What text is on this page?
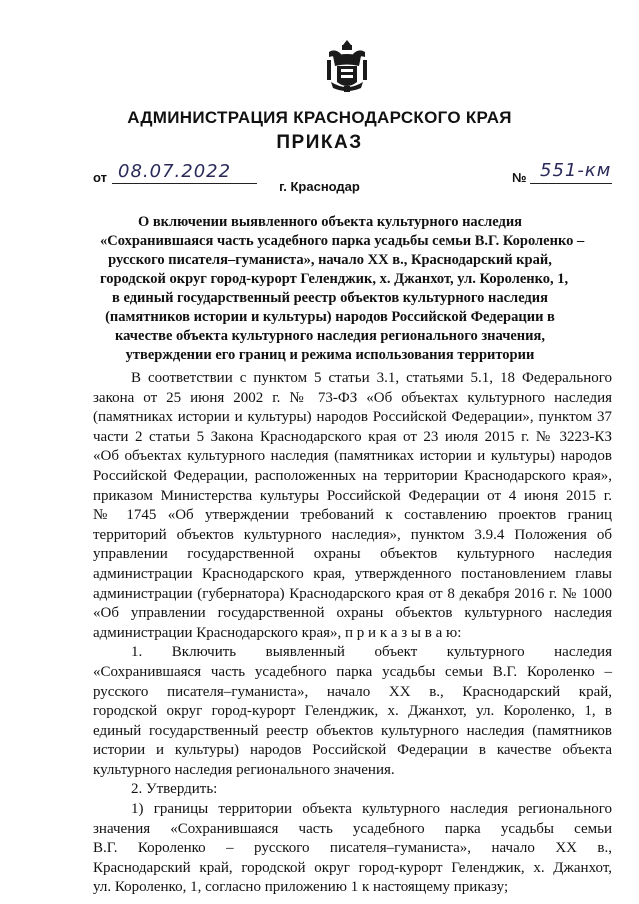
АДМИНИСТРАЦИЯ КРАСНОДАРСКОГО КРАЯ
ПРИКАЗ
от 08.07.2022	№ 551-км
г. Краснодар
О включении выявленного объекта культурного наследия
«Сохранившаяся часть усадебного парка усадьбы семьи В.Г. Короленко –
русского писателя–гуманиста», начало XX в., Краснодарский край,
городской округ город-курорт Геленджик, х. Джанхот, ул. Короленко, 1,
в единый государственный реестр объектов культурного наследия
(памятников истории и культуры) народов Российской Федерации в
качестве объекта культурного наследия регионального значения,
утверждении его границ и режима использования территории

В соответствии с пунктом 5 статьи 3.1, статьями 5.1, 18 Федерального
закона от 25 июня 2002 г. № 73-ФЗ «Об объектах культурного наследия
(памятниках истории и культуры) народов Российской Федерации», пунктом 37
части 2 статьи 5 Закона Краснодарского края от 23 июля 2015 г. № 3223-КЗ
«Об объектах культурного наследия (памятниках истории и культуры) народов
Российской Федерации, расположенных на территории Краснодарского края»,
приказом Министерства культуры Российской Федерации от 4 июня 2015 г.
№ 1745 «Об утверждении требований к составлению проектов границ
территорий объектов культурного наследия», пунктом 3.9.4 Положения об
управлении государственной охраны объектов культурного наследия
администрации Краснодарского края, утвержденного постановлением главы
администрации (губернатора) Краснодарского края от 8 декабря 2016 г. № 1000
«Об управлении государственной охраны объектов культурного наследия
администрации Краснодарского края», п р и к а з ы в а ю:

1. Включить выявленный объект культурного наследия
«Сохранившаяся часть усадебного парка усадьбы семьи В.Г. Короленко –
русского писателя–гуманиста», начало XX в., Краснодарский край,
городской округ город-курорт Геленджик, х. Джанхот, ул. Короленко, 1, в
единый государственный реестр объектов культурного наследия (памятников
истории и культуры) народов Российской Федерации в качестве объекта
культурного наследия регионального значения.

2. Утвердить:

1) границы территории объекта культурного наследия регионального
значения «Сохранившаяся часть усадебного парка усадьбы семьи
В.Г. Короленко – русского писателя–гуманиста», начало XX в.,
Краснодарский край, городской округ город-курорт Геленджик, х. Джанхот,
ул. Короленко, 1, согласно приложению 1 к настоящему приказу;
